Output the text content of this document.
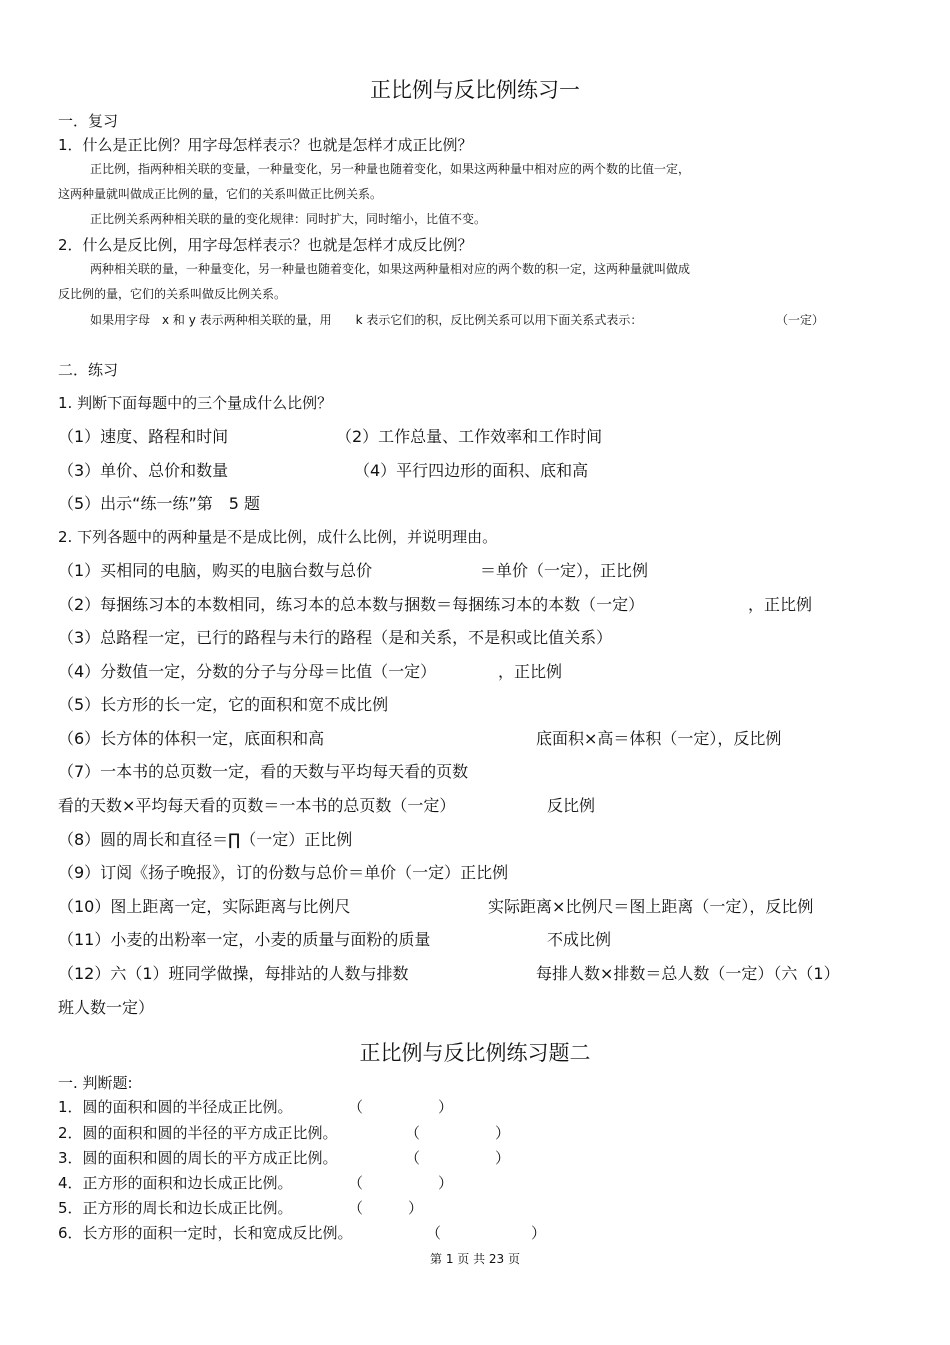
正比例与反比例练习一
一．复习
1．什么是正比例？用字母怎样表示？也就是怎样才成正比例？
正比例，指两种相关联的变量，一种量变化，另一种量也随着变化，如果这两种量中相对应的两个数的比值一定，
这两种量就叫做成正比例的量，它们的关系叫做正比例关系。
正比例关系两种相关联的量的变化规律：同时扩大，同时缩小，比值不变。
2．什么是反比例，用字母怎样表示？也就是怎样才成反比例？
两种相关联的量，一种量变化，另一种量也随着变化，如果这两种量相对应的两个数的积一定，这两种量就叫做成
反比例的量，它们的关系叫做反比例关系。
如果用字母　x 和 y 表示两种相关联的量，用　　k 表示它们的积，反比例关系可以用下面关系式表示：	（一定）
二．练习
1. 判断下面每题中的三个量成什么比例？
（1）速度、路程和时间	（2）工作总量、工作效率和工作时间
（3）单价、总价和数量	（4）平行四边形的面积、底和高
（5）出示“练一练”第　5 题
2. 下列各题中的两种量是不是成比例，成什么比例，并说明理由。
（1）买相同的电脑，购买的电脑台数与总价	＝单价（一定），正比例
（2）每捆练习本的本数相同，练习本的总本数与捆数＝每捆练习本的本数（一定）	，正比例
（3）总路程一定，已行的路程与未行的路程（是和关系，不是积或比值关系）
（4）分数值一定，分数的分子与分母＝比值（一定）	，正比例
（5）长方形的长一定，它的面积和宽不成比例
（6）长方体的体积一定，底面积和高	底面积×高＝体积（一定），反比例
（7）一本书的总页数一定，看的天数与平均每天看的页数
看的天数×平均每天看的页数＝一本书的总页数（一定）	反比例
（8）圆的周长和直径＝∏（一定）正比例
（9）订阅《扬子晚报》，订的份数与总价＝单价（一定）正比例
（10）图上距离一定，实际距离与比例尺	实际距离×比例尺＝图上距离（一定），反比例
（11）小麦的出粉率一定，小麦的质量与面粉的质量	不成比例
（12）六（1）班同学做操，每排站的人数与排数	每排人数×排数＝总人数（一定）（六（1）
班人数一定）
正比例与反比例练习题二
一. 判断题:
1．圆的面积和圆的半径成正比例。	（　　　　　）
2．圆的面积和圆的半径的平方成正比例。	（　　　　　）
3．圆的面积和圆的周长的平方成正比例。	（　　　　　）
4．正方形的面积和边长成正比例。	（　　　　　）
5．正方形的周长和边长成正比例。	（　　　）
6．长方形的面积一定时，长和宽成反比例。	（　　　　　　）
第 1 页 共 23 页
